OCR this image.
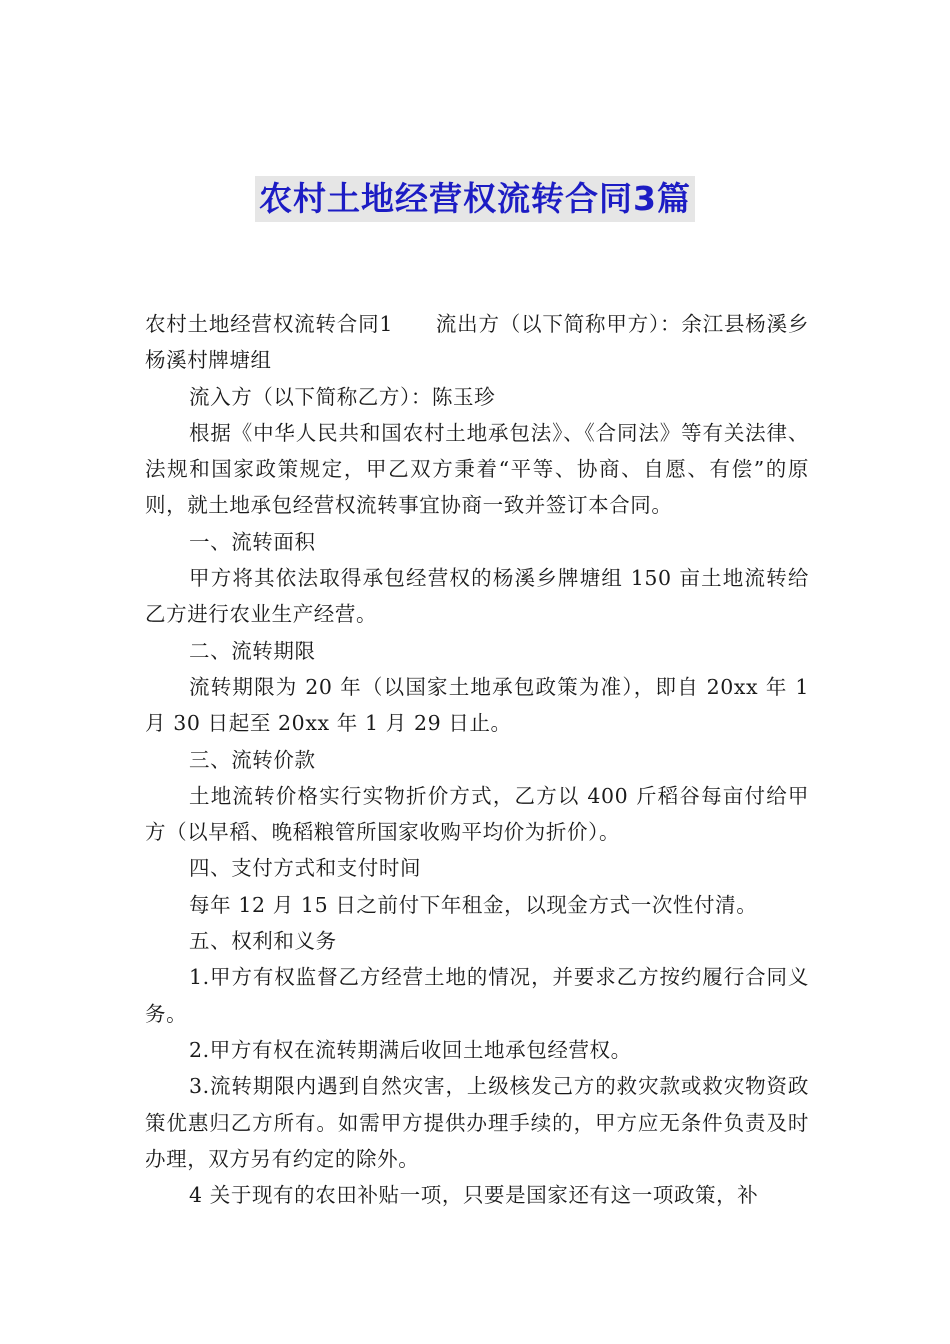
农村土地经营权流转合同3篇

农村土地经营权流转合同1　　流出方（以下简称甲方）：余江县杨溪乡杨溪村牌塘组

流入方（以下简称乙方）：陈玉珍

根据《中华人民共和国农村土地承包法》、《合同法》等有关法律、法规和国家政策规定，甲乙双方秉着“平等、协商、自愿、有偿”的原则，就土地承包经营权流转事宜协商一致并签订本合同。

一、流转面积

甲方将其依法取得承包经营权的杨溪乡牌塘组 150 亩土地流转给乙方进行农业生产经营。

二、流转期限

流转期限为 20 年（以国家土地承包政策为准），即自 20xx 年 1 月 30 日起至 20xx 年 1 月 29 日止。

三、流转价款

土地流转价格实行实物折价方式，乙方以 400 斤稻谷每亩付给甲方（以早稻、晚稻粮管所国家收购平均价为折价）。

四、支付方式和支付时间

每年 12 月 15 日之前付下年租金，以现金方式一次性付清。

五、权利和义务

1.甲方有权监督乙方经营土地的情况，并要求乙方按约履行合同义务。

2.甲方有权在流转期满后收回土地承包经营权。

3.流转期限内遇到自然灾害，上级核发己方的救灾款或救灾物资政策优惠归乙方所有。如需甲方提供办理手续的，甲方应无条件负责及时办理，双方另有约定的除外。

4 关于现有的农田补贴一项，只要是国家还有这一项政策，补
